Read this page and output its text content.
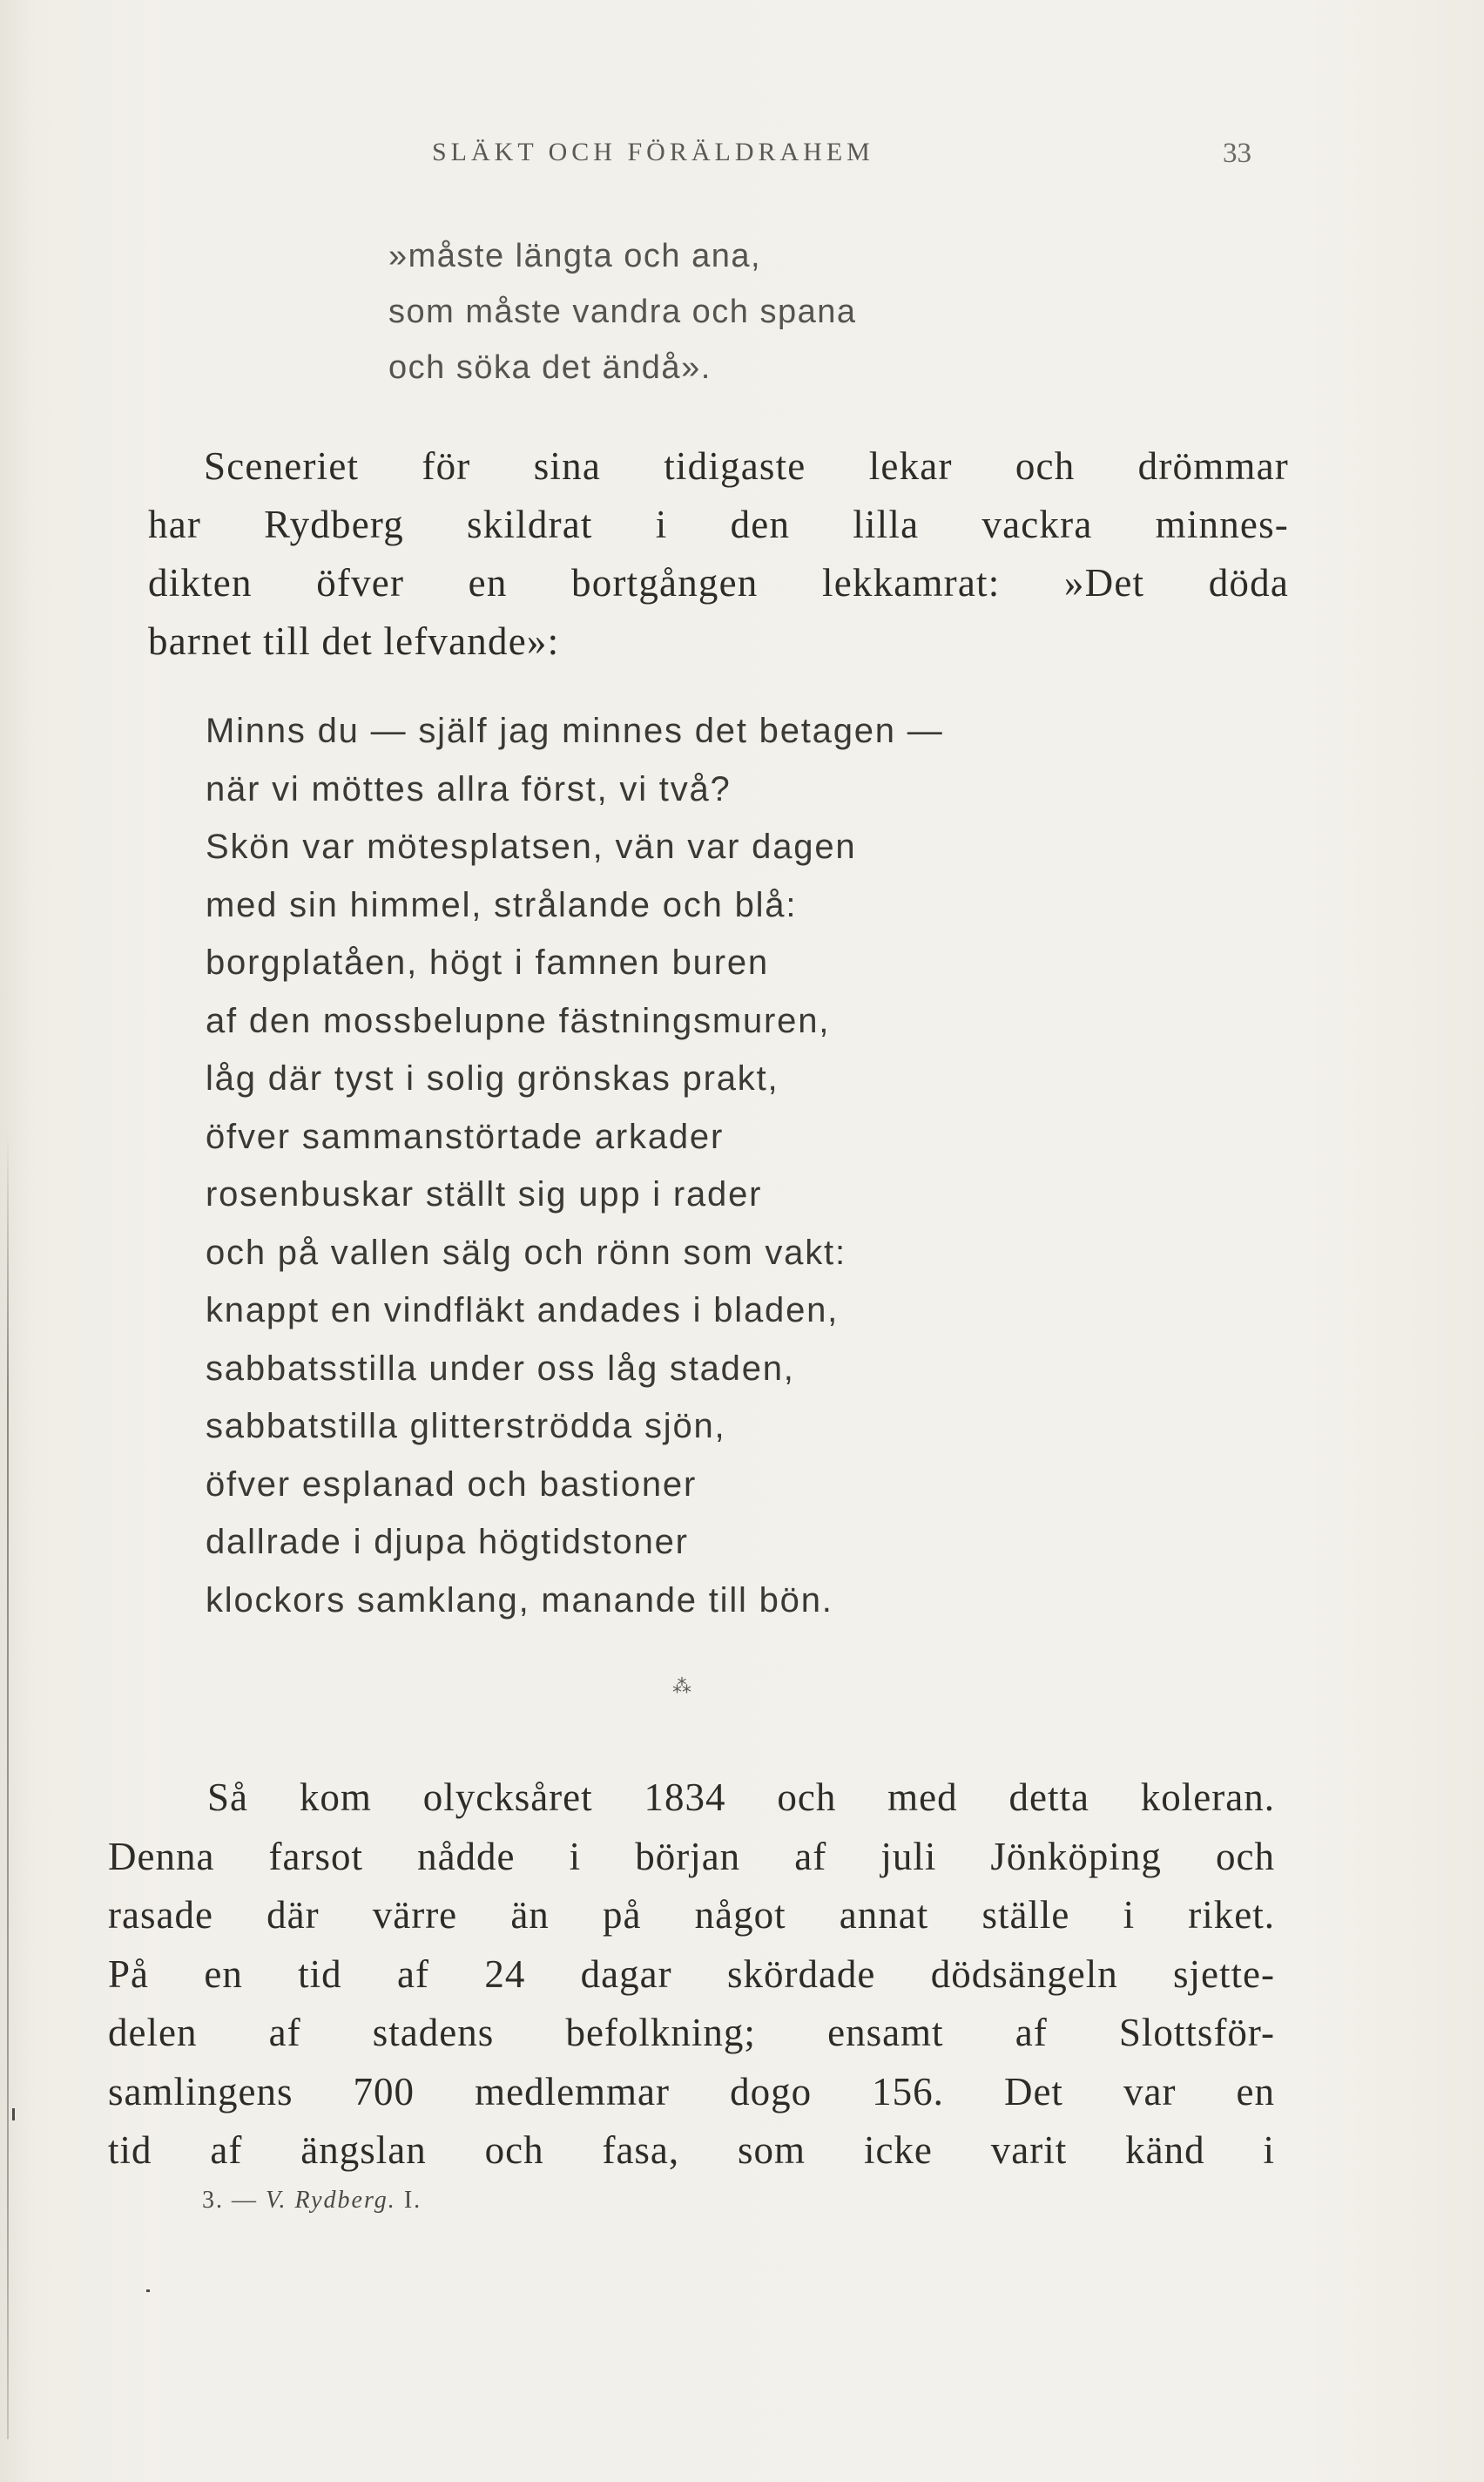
SLÄKT OCH FÖRÄLDRAHEM	33
»måste längta och ana,
som måste vandra och spana
och söka det ändå».
Sceneriet för sina tidigaste lekar och drömmar
har Rydberg skildrat i den lilla vackra minnes-
dikten öfver en bortgången lekkamrat: »Det döda
barnet till det lefvande»:
Minns du — själf jag minnes det betagen —
när vi möttes allra först, vi två?
Skön var mötesplatsen, vän var dagen
med sin himmel, strålande och blå:
borgplatåen, högt i famnen buren
af den mossbelupne fästningsmuren,
låg där tyst i solig grönskas prakt,
öfver sammanstörtade arkader
rosenbuskar ställt sig upp i rader
och på vallen sälg och rönn som vakt:
knappt en vindfläkt andades i bladen,
sabbatsstilla under oss låg staden,
sabbatstilla glitterströdda sjön,
öfver esplanad och bastioner
dallrade i djupa högtidstoner
klockors samklang, manande till bön.
⁂
Så kom olycksåret 1834 och med detta koleran.
Denna farsot nådde i början af juli Jönköping och
rasade där värre än på något annat ställe i riket.
På en tid af 24 dagar skördade dödsängeln sjette-
delen af stadens befolkning; ensamt af Slottsför-
samlingens 700 medlemmar dogo 156. Det var en
tid af ängslan och fasa, som icke varit känd i
3. — V. Rydberg. I.
